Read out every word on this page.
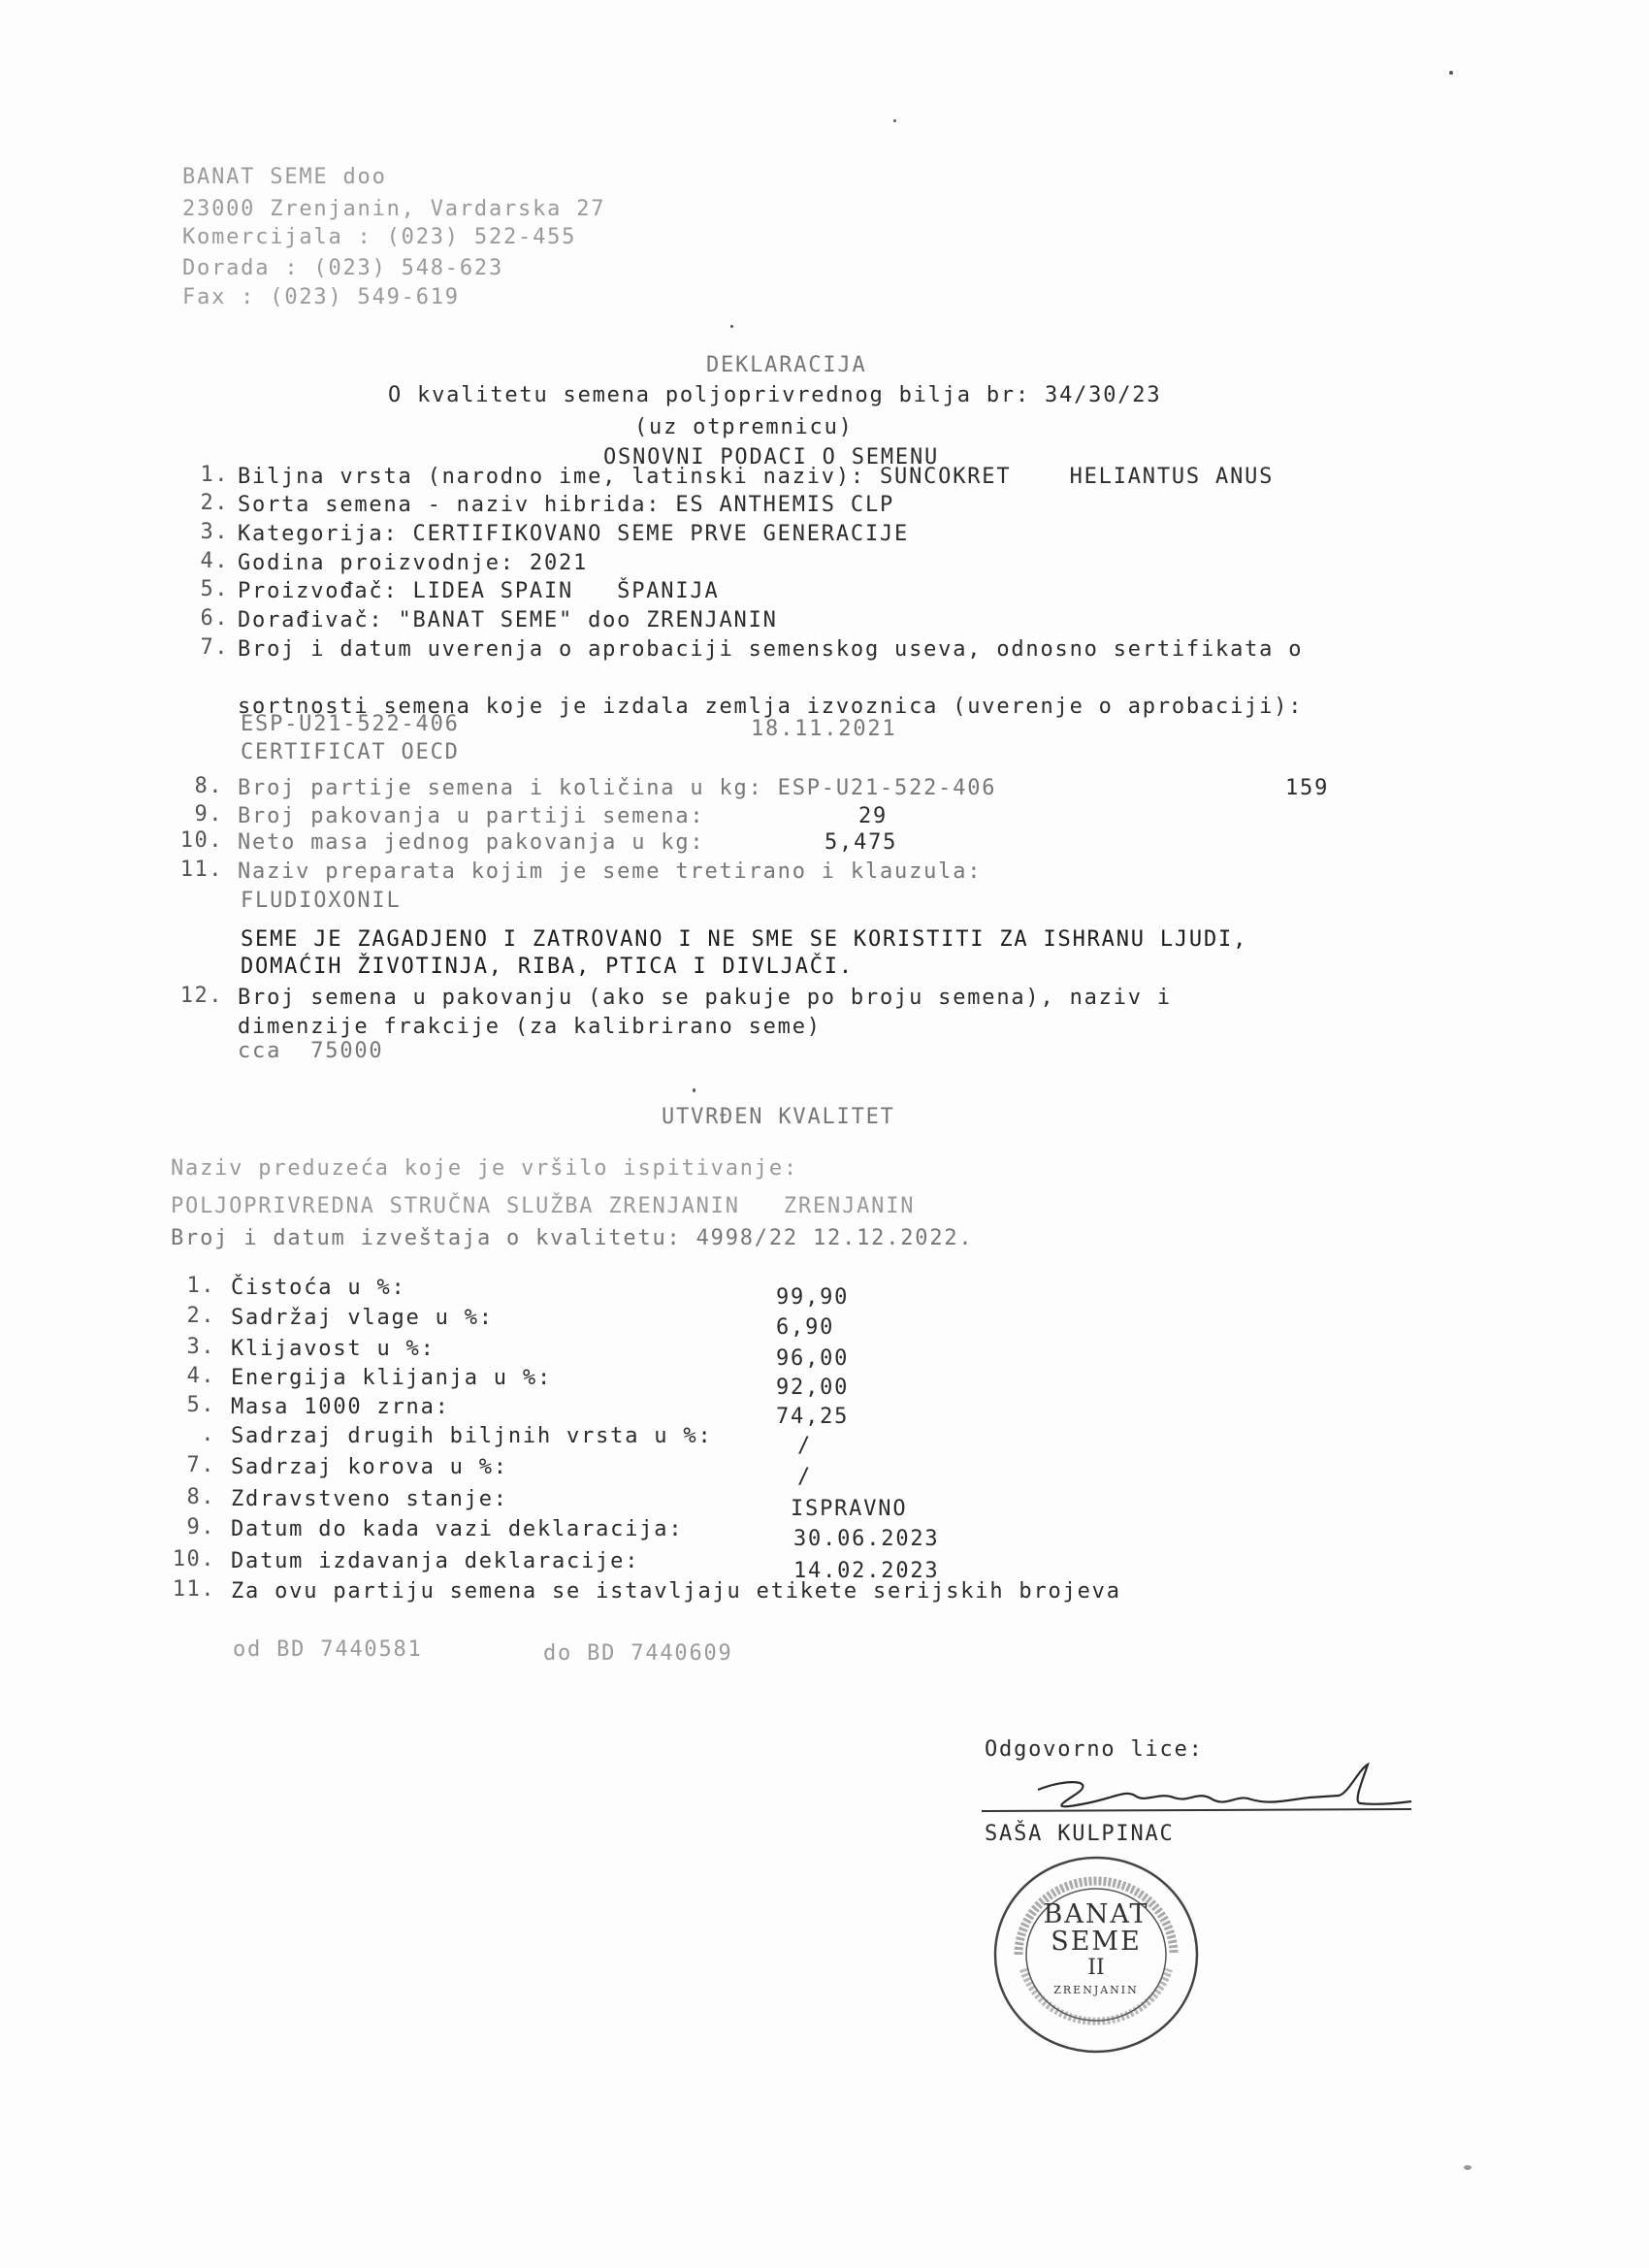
BANAT SEME doo
23000 Zrenjanin, Vardarska 27
Komercijala : (023) 522-455
Dorada : (023) 548-623
Fax : (023) 549-619
DEKLARACIJA
O kvalitetu semena poljoprivrednog bilja br: 34/30/23
(uz otpremnicu)
OSNOVNI PODACI O SEMENU
1. Biljna vrsta (narodno ime, latinski naziv): SUNCOKRET    HELIANTUS ANUS
2. Sorta semena - naziv hibrida: ES ANTHEMIS CLP
3. Kategorija: CERTIFIKOVANO SEME PRVE GENERACIJE
4. Godina proizvodnje: 2021
5. Proizvođač: LIDEA SPAIN   ŠPANIJA
6. Dorađivač: "BANAT SEME" doo ZRENJANIN
7. Broj i datum uverenja o aprobaciji semenskog useva, odnosno sertifikata o
sortnosti semena koje je izdala zemlja izvoznica (uverenje o aprobaciji):
ESP-U21-522-406	18.11.2021
CERTIFICAT OECD
8. Broj partije semena i količina u kg: ESP-U21-522-406	159
9. Broj pakovanja u partiji semena:	29
10. Neto masa jednog pakovanja u kg:	5,475
11. Naziv preparata kojim je seme tretirano i klauzula:
FLUDIOXONIL
SEME JE ZAGADJENO I ZATROVANO I NE SME SE KORISTITI ZA ISHRANU LJUDI,
DOMAĆIH ŽIVOTINJA, RIBA, PTICA I DIVLJAČI.
12. Broj semena u pakovanju (ako se pakuje po broju semena), naziv i
dimenzije frakcije (za kalibrirano seme)
cca  75000
UTVRĐEN KVALITET
Naziv preduzeća koje je vršilo ispitivanje:
POLJOPRIVREDNA STRUČNA SLUŽBA ZRENJANIN   ZRENJANIN
Broj i datum izveštaja o kvalitetu: 4998/22 12.12.2022.
1. Čistoća u %:	99,90
2. Sadržaj vlage u %:	6,90
3. Klijavost u %:	96,00
4. Energija klijanja u %:	92,00
5. Masa 1000 zrna:	74,25
. Sadrzaj drugih biljnih vrsta u %:	/
7. Sadrzaj korova u %:	/
8. Zdravstveno stanje:	ISPRAVNO
9. Datum do kada vazi deklaracija:	30.06.2023
10. Datum izdavanja deklaracije:	14.02.2023
11. Za ovu partiju semena se istavljaju etikete serijskih brojeva
od BD 7440581	do BD 7440609
Odgovorno lice:
SAŠA KULPINAC
BANAT
SEME
II
ZRENJANIN
